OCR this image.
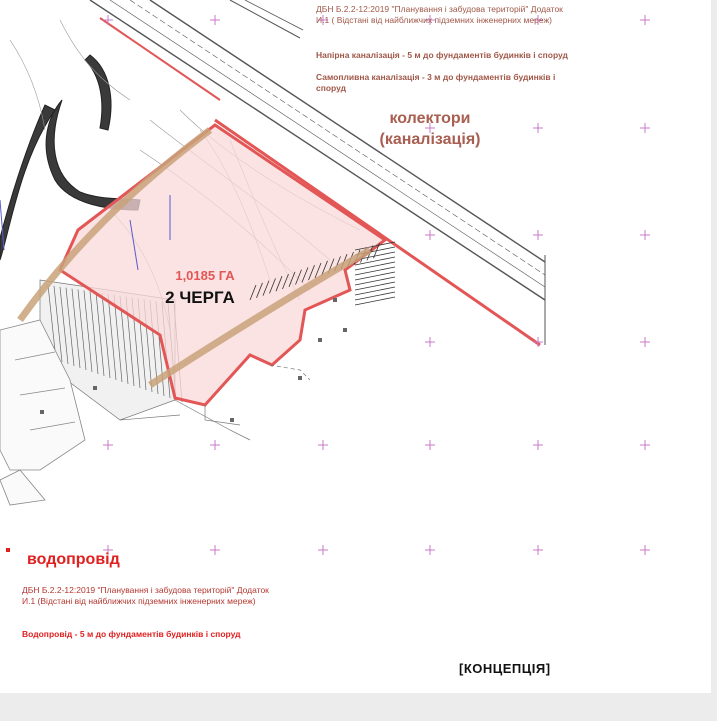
ДБН Б.2.2-12:2019 "Планування і забудова територій" Додаток И.1 ( Відстані від найближчих підземних інженерних мереж)
Напірна каналізація - 5 м до фундаментів будинків і споруд
Самопливна каналізація - 3 м до фундаментів будинків і споруд
колектори (каналізація)
1,0185 ГА
2 ЧЕРГА
водопровід
ДБН Б.2.2-12:2019 "Планування і забудова територій" Додаток И.1 (Відстані від найближчих підземних інженерних мереж)
Водопровід - 5 м до фундаментів будинків і споруд
[КОНЦЕПЦІЯ]
